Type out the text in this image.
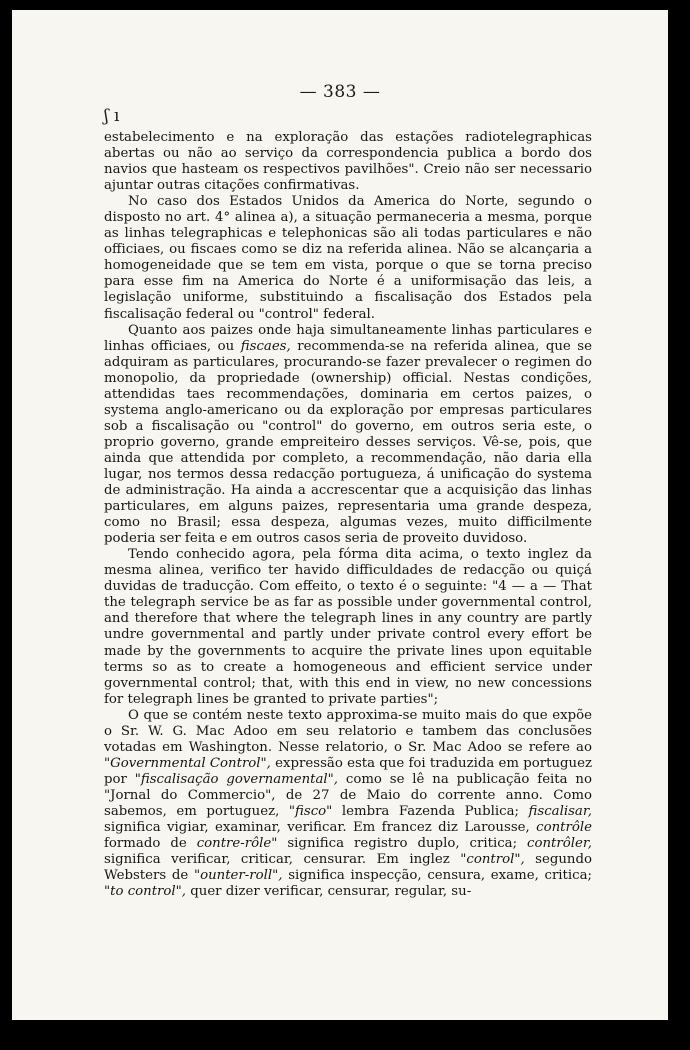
— 383 —
ʃ ı

estabelecimento e na exploração das estações radiotelegraphicas abertas ou não ao serviço da correspondencia publica a bordo dos navios que hasteam os respectivos pavilhões". Creio não ser necessario ajuntar outras citações confirmativas.

No caso dos Estados Unidos da America do Norte, segundo o disposto no art. 4° alinea a), a situação permaneceria a mesma, porque as linhas telegraphicas e telephonicas são ali todas particulares e não officiaes, ou fiscaes como se diz na referida alinea. Não se alcançaria a homogeneidade que se tem em vista, porque o que se torna preciso para esse fim na America do Norte é a uniformisação das leis, a legislação uniforme, substituindo a fiscalisação dos Estados pela fiscalisação federal ou "control" federal.

Quanto aos paizes onde haja simultaneamente linhas particulares e linhas officiaes, ou fiscaes, recommenda-se na referida alinea, que se adquiram as particulares, procurando-se fazer prevalecer o regimen do monopolio, da propriedade (ownership) official. Nestas condições, attendidas taes recommendações, dominaria em certos paizes, o systema anglo-americano ou da exploração por empresas particulares sob a fiscalisação ou "control" do governo, em outros seria este, o proprio governo, grande empreiteiro desses serviços. Vê-se, pois, que ainda que attendida por completo, a recommendação, não daria ella lugar, nos termos dessa redacção portugueza, á unificação do systema de administração. Ha ainda a accrescentar que a acquisição das linhas particulares, em alguns paizes, representaria uma grande despeza, como no Brasil; essa despeza, algumas vezes, muito difficilmente poderia ser feita e em outros casos seria de proveito duvidoso.

Tendo conhecido agora, pela fórma dita acima, o texto inglez da mesma alinea, verifico ter havido difficuldades de redacção ou quiçá duvidas de traducção. Com effeito, o texto é o seguinte: "4 — a — That the telegraph service be as far as possible under governmental control, and therefore that where the telegraph lines in any country are partly undre governmental and partly under private control every effort be made by the governments to acquire the private lines upon equitable terms so as to create a homogeneous and efficient service under governmental control; that, with this end in view, no new concessions for telegraph lines be granted to private parties";

O que se contém neste texto approxima-se muito mais do que expõe o Sr. W. G. Mac Adoo em seu relatorio e tambem das conclusões votadas em Washington. Nesse relatorio, o Sr. Mac Adoo se refere ao "Governmental Control", expressão esta que foi traduzida em portuguez por "fiscalisação governamental", como se lê na publicação feita no "Jornal do Commercio", de 27 de Maio do corrente anno. Como sabemos, em portuguez, "fisco" lembra Fazenda Publica; fiscalisar, significa vigiar, examinar, verificar. Em francez diz Larousse, contrôle formado de contre-rôle" significa registro duplo, critica; contrôler, significa verificar, criticar, censurar. Em inglez "control", segundo Websters de "ounter-roll", significa inspecção, censura, exame, critica; "to control", quer dizer verificar, censurar, regular, su-
